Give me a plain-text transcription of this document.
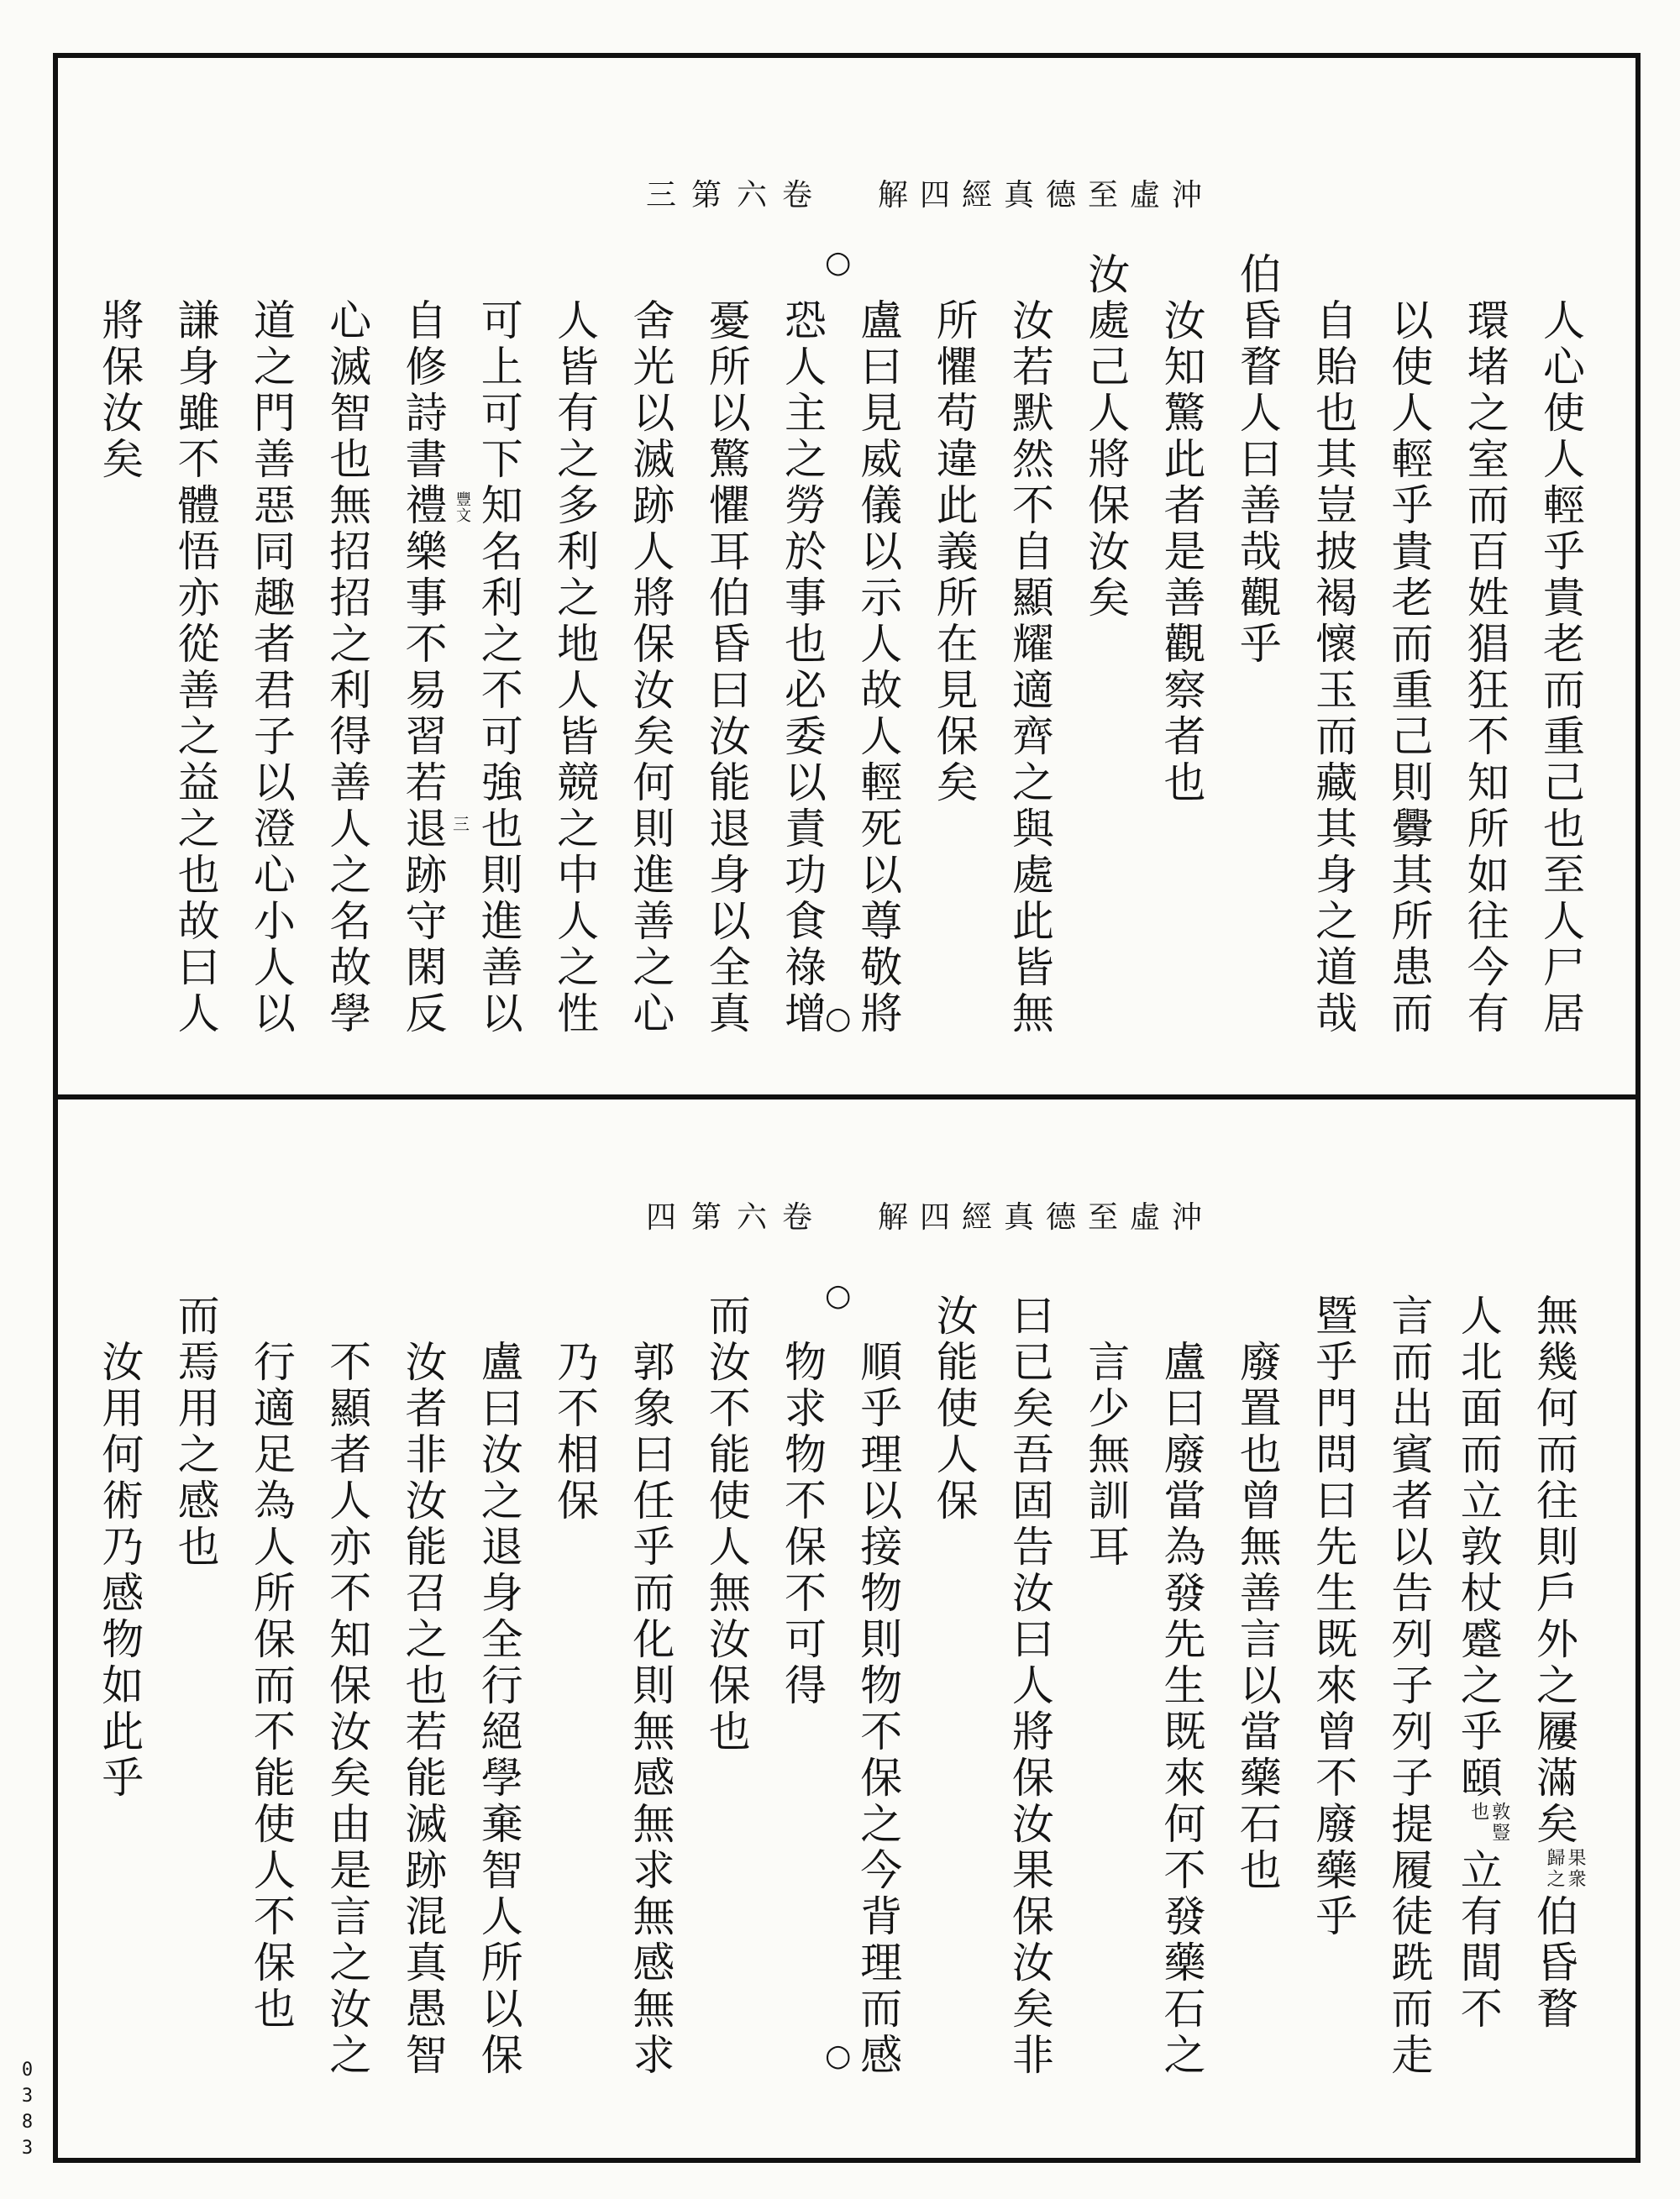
沖虛至德真經四解
卷六第三
人心使人輕乎貴老而重己也至人尸居
環堵之室而百姓猖狂不知所如往今有
以使人輕乎貴老而重己則釁其所患而
自貽也其豈披褐懷玉而藏其身之道哉
伯昏瞀人曰善哉觀乎
汝知驚此者是善觀察者也
汝處己人將保汝矣
汝若默然不自顯耀適齊之與處此皆無
所懼苟違此義所在見保矣
盧曰見威儀以示人故人輕死以尊敬將
恐人主之勞於事也必委以責功食祿增
憂所以驚懼耳伯昏曰汝能退身以全真
舍光以滅跡人將保汝矣何則進善之心
人皆有之多利之地人皆競之中人之性
可上可下知名利之不可強也則進善以
自修詩書禮樂事不易習若退跡守閑反
心滅智也無招招之利得善人之名故學
道之門善惡同趣者君子以澄心小人以
謙身雖不體悟亦從善之益之也故曰人
將保汝矣
○
○
豐文
三
沖虛至德真經四解
卷六第四
無幾何而往則戶外之屨滿矣
果衆
歸之
伯昏瞀
人北面而立敦杖蹙之乎頤
敦豎
也
立有間不
言而出賓者以告列子列子提履徒跣而走
暨乎門問曰先生既來曾不廢藥乎
廢置也曾無善言以當藥石也
盧曰廢當為發先生既來何不發藥石之
言少無訓耳
曰已矣吾固告汝曰人將保汝果保汝矣非
汝能使人保
順乎理以接物則物不保之今背理而感
物求物不保不可得
而汝不能使人無汝保也
郭象曰任乎而化則無感無求無感無求
乃不相保
盧曰汝之退身全行絕學棄智人所以保
汝者非汝能召之也若能滅跡混真愚智
不顯者人亦不知保汝矣由是言之汝之
行適足為人所保而不能使人不保也
而焉用之感也
汝用何術乃感物如此乎
○
○
0383
